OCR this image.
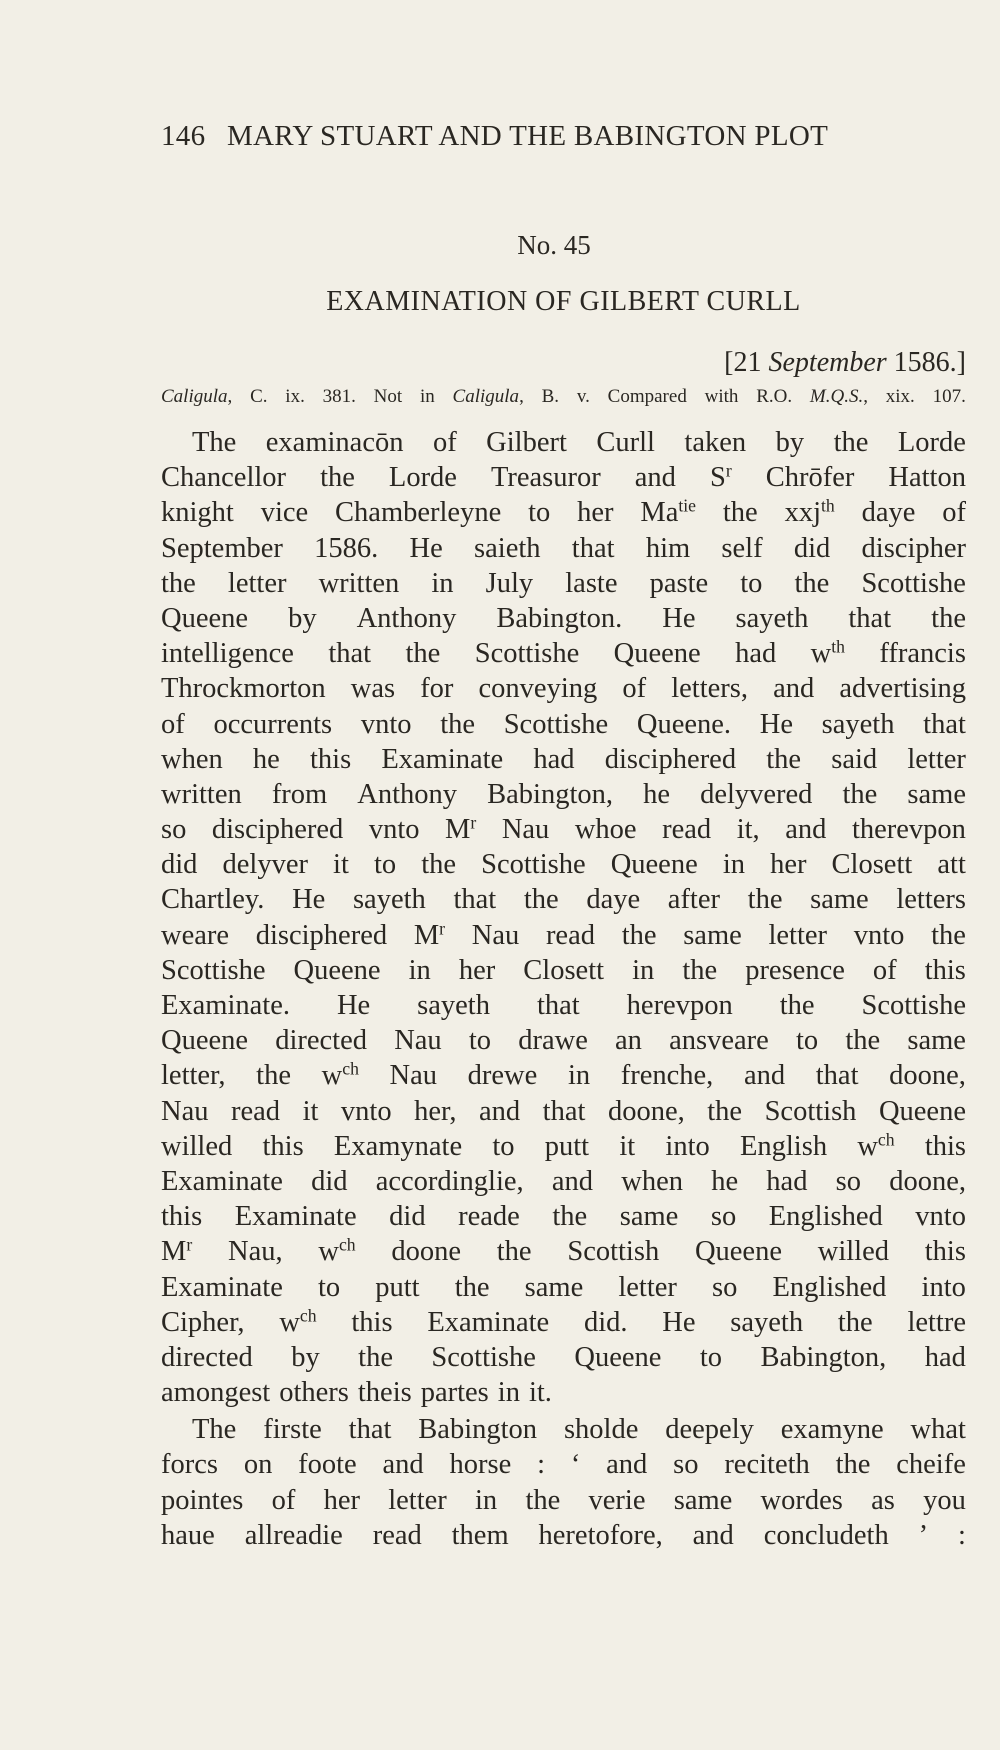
146 MARY STUART AND THE BABINGTON PLOT
No. 45
EXAMINATION OF GILBERT CURLL
[21 September 1586.]
Caligula, C. ix. 381. Not in Caligula, B. v. Compared with R.O. M.Q.S., xix. 107.
The examinacōn of Gilbert Curll taken by the Lorde
Chancellor the Lorde Treasuror and $S^r$ Chrōfer Hatton
knight vice Chamberleyne to her $Ma^{tie}$ the xxj$^{th}$ daye of
September 1586. He saieth that him self did discipher
the letter written in July laste paste to the Scottishe
Queene by Anthony Babington. He sayeth that the
intelligence that the Scottishe Queene had $w^{th}$ ffrancis
Throckmorton was for conveying of letters, and advertising
of occurrents vnto the Scottishe Queene. He sayeth that
when he this Examinate had disciphered the said letter
written from Anthony Babington, he delyvered the same
so disciphered vnto $M^r$ Nau whoe read it, and therevpon
did delyver it to the Scottishe Queene in her Closett att
Chartley. He sayeth that the daye after the same letters
weare disciphered $M^r$ Nau read the same letter vnto the
Scottishe Queene in her Closett in the presence of this
Examinate. He sayeth that herevpon the Scottishe
Queene directed Nau to drawe an ansveare to the same
letter, the $w^{ch}$ Nau drewe in frenche, and that doone,
Nau read it vnto her, and that doone, the Scottish Queene
willed this Examynate to putt it into English $w^{ch}$ this
Examinate did accordinglie, and when he had so doone,
this Examinate did reade the same so Englished vnto
$M^r$ Nau, $w^{ch}$ doone the Scottish Queene willed this
Examinate to putt the same letter so Englished into
Cipher, $w^{ch}$ this Examinate did. He sayeth the lettre
directed by the Scottishe Queene to Babington, had
amongest others theis partes in it.
The firste that Babington sholde deepely examyne what
forcs on foote and horse : ‘ and so reciteth the cheife
pointes of her letter in the verie same wordes as you
haue allreadie read them heretofore, and concludeth ’ :
